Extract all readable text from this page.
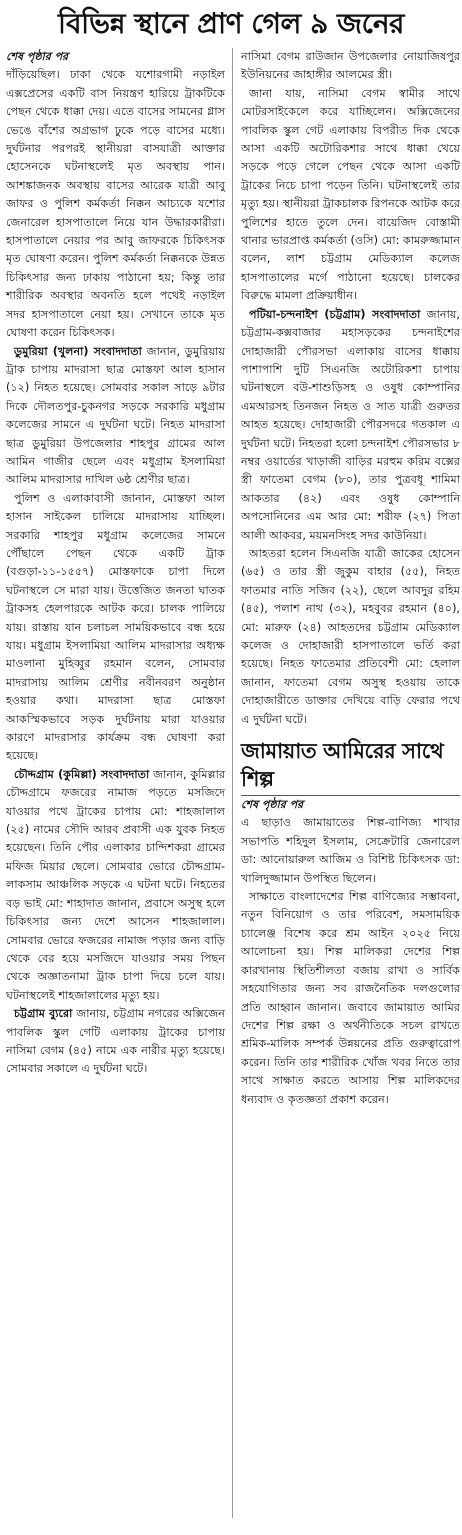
বিভিন্ন স্থানে প্রাণ গেল ৯ জনের
শেষ পৃষ্ঠার পর

দাঁড়িয়েছিল। ঢাকা থেকে যশোরগামী নড়াইল এক্সপ্রেসের একটি বাস নিয়ন্ত্রণ হারিয়ে ট্রাকটিকে পেছন থেকে ধাক্কা দেয়। এতে বাসের সামনের গ্লাস ভেঙে বাঁশের অগ্রভাগ ঢুকে পড়ে বাসের মধ্যে। দুর্ঘটনার পরপরই স্থানীয়রা বাসযাত্রী আক্তার হোসেনকে ঘটনাস্থলেই মৃত অবস্থায় পান। আশঙ্কাজনক অবস্থায় বাসের আরেক যাত্রী আবু জাফর ও পুলিশ কর্মকর্তা নিক্কন আচ্যকে যশোর জেনারেল হাসপাতালে নিয়ে যান উদ্ধারকারীরা। হাসপাতালে নেয়ার পর আবু জাফরকে চিকিৎসক মৃত ঘোষণা করেন। পুলিশ কর্মকর্তা নিক্কনকে উন্নত চিকিৎসার জন্য ঢাকায় পাঠানো হয়; কিন্তু তার শারীরিক অবস্থার অবনতি হলে পথেই নড়াইল সদর হাসপাতালে নেয়া হয়। সেখানে তাকে মৃত ঘোষণা করেন চিকিৎসক।

ডুমুরিয়া (খুলনা) সংবাদদাতা জানান, ডুমুরিয়ায় ট্রাক চাপায় মাদরাসা ছাত্র মোস্তফা আল হাসান (১২) নিহত হয়েছে। সোমবার সকাল সাড়ে ৯টার দিকে দৌলতপুর-চুকনগর সড়কে সরকারি মধুগ্রাম কলেজের সামনে এ দুর্ঘটনা ঘটে। নিহত মাদরাসা ছাত্র ডুমুরিয়া উপজেলার শাহপুর গ্রামের আল আমিন গাজীর ছেলে এবং মধুগ্রাম ইসলামিয়া আলিম মাদরাসার দাখিল ৬ষ্ঠ শ্রেণীর ছাত্র।

পুলিশ ও এলাকাবাসী জানান, মোস্তফা আল হাসান সাইকেল চালিয়ে মাদরাসায় যাচ্ছিল। সরকারি শাহপুর মধুগ্রাম কলেজের সামনে পৌঁছালে পেছন থেকে একটি ট্রাক (বগুড়া-১১-১৫৫৭) মোস্তফাকে চাপা দিলে ঘটনাস্থলে সে মারা যায়। উত্তেজিত জনতা ঘাতক ট্রাকসহ হেলপারকে আটক করে। চালক পালিয়ে যায়। রাস্তায় যান চলাচল সাময়িকভাবে বন্ধ হয়ে যায়। মধুগ্রাম ইসলামিয়া আলিম মাদরাসার অধ্যক্ষ মাওলানা মুহিব্বুর রহমান বলেন, সোমবার মাদরাসায় আলিম শ্রেণীর নবীনবরণ অনুষ্ঠান হওয়ার কথা। মাদরাসা ছাত্র মোস্তফা আকস্মিকভাবে সড়ক দুর্ঘটনায় মারা যাওয়ার কারণে মাদরাসার কার্যক্রম বন্ধ ঘোষণা করা হয়েছে।

চৌদ্দগ্রাম (কুমিল্লা) সংবাদদাতা জানান, কুমিল্লার চৌদ্দগ্রামে ফজরের নামাজ পড়তে মসজিদে যাওয়ার পথে ট্রাকের চাপায় মো: শাহজালাল (২৫) নামের সৌদি আরব প্রবাসী এক যুবক নিহত হয়েছেন। তিনি পৌর এলাকার চান্দিশকরা গ্রামের মফিজ মিয়ার ছেলে। সোমবার ভোরে চৌদ্দগ্রাম-লাকসাম আঞ্চলিক সড়কে এ ঘটনা ঘটে। নিহতের বড় ভাই মো: শাহাদাত জানান, প্রবাসে অসুস্থ হলে চিকিৎসার জন্য দেশে আসেন শাহজালাল। সোমবার ভোরে ফজরের নামাজ পড়ার জন্য বাড়ি থেকে বের হয়ে মসজিদে যাওয়ার সময় পিছন থেকে অজ্ঞাতনামা ট্রাক চাপা দিয়ে চলে যায়। ঘটনাস্থলেই শাহজালালের মৃত্যু হয়।

চট্টগ্রাম ব্যুরো জানায়, চট্টগ্রাম নগরের অক্সিজেন পাবলিক স্কুল গেটি এলাকায় ট্রাকের চাপায় নাসিমা বেগম (৪৫) নামে এক নারীর মৃত্যু হয়েছে। সোমবার সকালে এ দুর্ঘটনা ঘটে।

নাসিমা বেগম রাউজান উপজেলার নোয়াজিষপুর ইউনিয়নের জাহাঙ্গীর আলমের স্ত্রী।

জানা যায়, নাসিমা বেগম স্বামীর সাথে মোটরসাইকেলে করে যাচ্ছিলেন। অক্সিজেনের পাবলিক স্কুল গেট এলাকায় বিপরীত দিক থেকে আসা একটি অটোরিকশার সাথে ধাক্কা খেয়ে সড়কে পড়ে গেলে পেছন থেকে আসা একটি ট্রাকের নিচে চাপা পড়েন তিনি। ঘটনাস্থলেই তার মৃত্যু হয়। স্থানীয়রা ট্রাকচালক রিপনকে আটক করে পুলিশের হাতে তুলে দেন। বায়েজিদ বোস্তামী থানার ভারপ্রাপ্ত কর্মকর্তা (ওসি) মো: কামরুজ্জামান বলেন, লাশ চট্টগ্রাম মেডিক্যাল কলেজ হাসপাতালের মর্গে পাঠানো হয়েছে। চালকের বিরুদ্ধে মামলা প্রক্রিয়াধীন।

পটিয়া-চন্দনাইশ (চট্টগ্রাম) সংবাদদাতা জানায়, চট্টগ্রাম-কক্সবাজার মহাসড়কের চন্দনাইশের দোহাজারী পৌরসভা এলাকায় বাসের ধাক্কায় পাশাপাশি দুটি সিএনজি অটোরিকশা চাপায় ঘটনাস্থলে বউ-শাশুড়িসহ ও ওষুধ কোম্পানির এমআরসহ তিনজন নিহত ও সাত যাত্রী গুরুতর আহত হয়েছে। দোহাজারী পৌরসদরে গতকাল এ দুর্ঘটনা ঘটে। নিহতরা হলো চন্দনাইশ পৌরসভার ৮ নম্বর ওয়ার্ডের খাড়াজী বাড়ির মরহুম করিম বক্সের স্ত্রী ফাতেমা বেগম (৮০), তার পুত্রবধূ শামিমা আকতার (৪২) এবং ওষুধ কোম্পানি অপসোনিনের এম আর মো: শরীফ (২৭) পিতা আলী আকবর, ময়মনসিংহ সদর কাউনিয়া।

আহতরা হলেন সিএনজি যাত্রী জাকের হোসেন (৬৫) ও তার স্ত্রী জুকুম বাহার (৫৫), নিহত ফাতমার নাতি সজিব (২২), ছেলে আবদুর রহিম (৪৫), পলাশ নাথ (৩২), মহবুবর রহমান (৪০), মো: মারুফ (২৪) আহতদের চট্টগ্রাম মেডিক্যাল কলেজ ও দোহাজারী হাসপাতালে ভর্তি করা হয়েছে। নিহত ফাতেমার প্রতিবেশী মো: হেলাল জানান, ফাতেমা বেগম অসুস্থ হওয়ায় তাকে দোহাজারীতে ডাক্তার দেখিয়ে বাড়ি ফেরার পথে এ দুর্ঘটনা ঘটে।

জামায়াত আমিরের সাথে শিল্প
শেষ পৃষ্ঠার পর

এ ছাড়াও জামায়াতের শিল্প-বাণিজ্য শাখার সভাপতি শহিদুল ইসলাম, সেক্রেটারি জেনারেল ডা: আনোয়ারুল আজিম ও বিশিষ্ট চিকিৎসক ডা: খালিদুজ্জামান উপস্থিত ছিলেন।

সাক্ষাতে বাংলাদেশের শিল্প বাণিজ্যের সম্ভাবনা, নতুন বিনিয়োগ ও তার পরিবেশ, সমসাময়িক চ্যালেঞ্জ বিশেষ করে শ্রম আইন ২০২৫ নিয়ে আলোচনা হয়। শিল্প মালিকরা দেশের শিল্প কারখানায় স্থিতিশীলতা বজায় রাখা ও সার্বিক সহযোগিতার জন্য সব রাজনৈতিক দলগুলোর প্রতি আহ্বান জানান। জবাবে জামায়াত আমির দেশের শিল্প রক্ষা ও অর্থনীতিকে সচল রাখতে শ্রমিক-মালিক সম্পর্ক উন্নয়নের প্রতি গুরুত্বারোপ করেন। তিনি তার শারীরিক খোঁজ খবর নিতে তার সাথে সাক্ষাত করতে আসায় শিল্প মালিকদের ধন্যবাদ ও কৃতজ্ঞতা প্রকাশ করেন।
